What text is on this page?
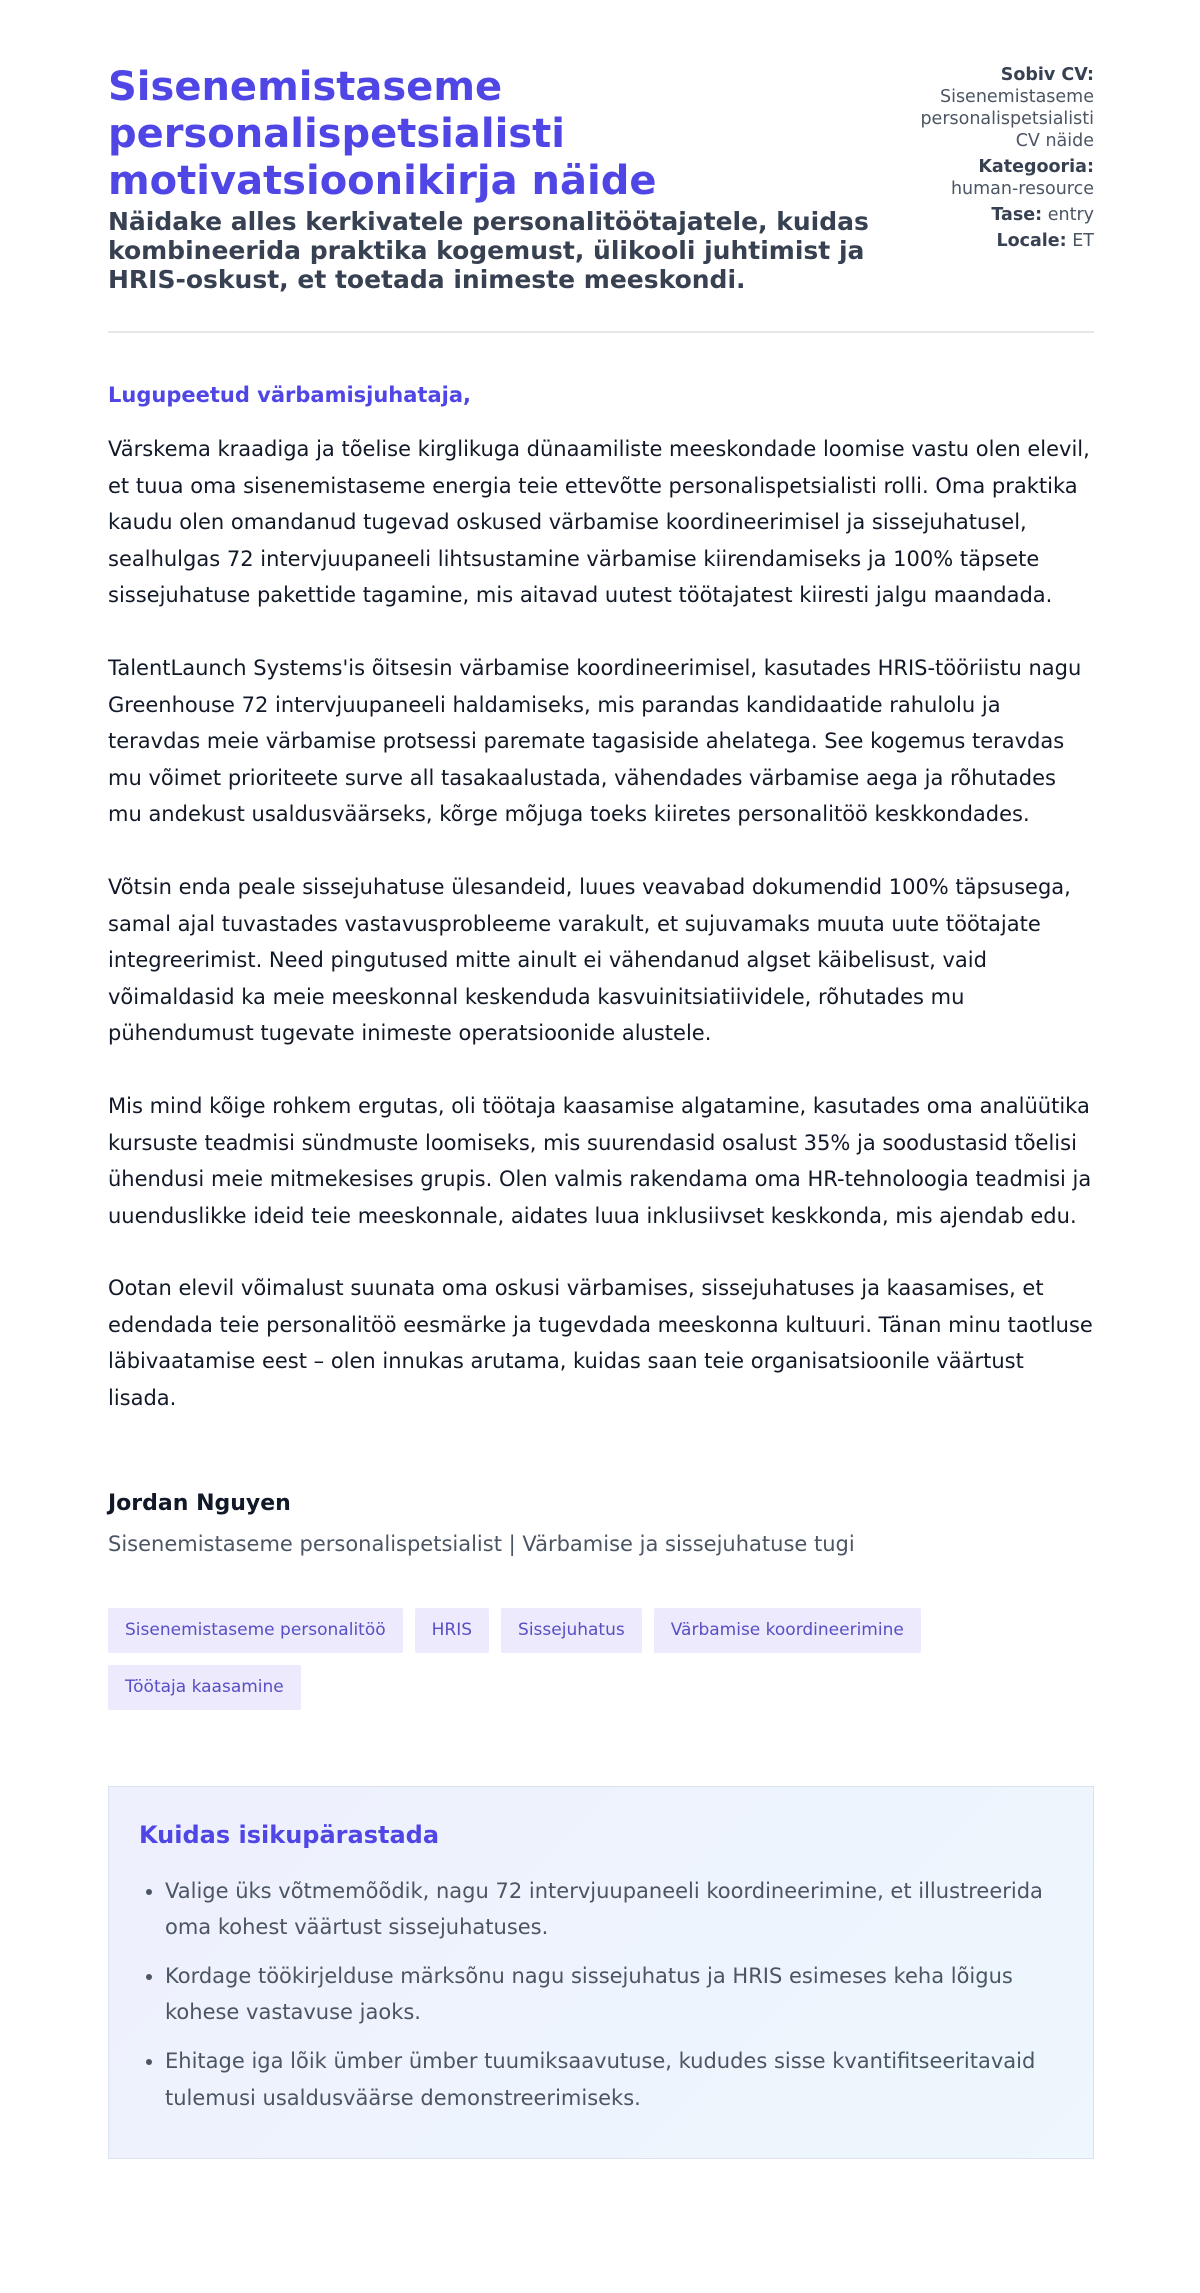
Sisenemistaseme personalispetsialisti motivatsioonikirja näide
Näidake alles kerkivatele personalitöötajatele, kuidas kombineerida praktika kogemust, ülikooli juhtimist ja HRIS-oskust, et toetada inimeste meeskondi.
Sobiv CV:
Sisenemistaseme personalispetsialisti CV näide
Kategooria:
human-resource
Tase: entry
Locale: ET
Lugupeetud värbamisjuhataja,

Värskema kraadiga ja tõelise kirglikuga dünaamiliste meeskondade loomise vastu olen elevil, et tuua oma sisenemistaseme energia teie ettevõtte personalispetsialisti rolli. Oma praktika kaudu olen omandanud tugevad oskused värbamise koordineerimisel ja sissejuhatusel, sealhulgas 72 intervjuupaneeli lihtsustamine värbamise kiirendamiseks ja 100% täpsete sissejuhatuse pakettide tagamine, mis aitavad uutest töötajatest kiiresti jalgu maandada.

TalentLaunch Systems'is õitsesin värbamise koordineerimisel, kasutades HRIS-tööriistu nagu Greenhouse 72 intervjuupaneeli haldamiseks, mis parandas kandidaatide rahulolu ja teravdas meie värbamise protsessi paremate tagasiside ahelatega. See kogemus teravdas mu võimet prioriteete surve all tasakaalustada, vähendades värbamise aega ja rõhutades mu andekust usaldusväärseks, kõrge mõjuga toeks kiiretes personalitöö keskkondades.

Võtsin enda peale sissejuhatuse ülesandeid, luues veavabad dokumendid 100% täpsusega, samal ajal tuvastades vastavusprobleeme varakult, et sujuvamaks muuta uute töötajate integreerimist. Need pingutused mitte ainult ei vähendanud algset käibelisust, vaid võimaldasid ka meie meeskonnal keskenduda kasvuinitsiatiividele, rõhutades mu pühendumust tugevate inimeste operatsioonide alustele.

Mis mind kõige rohkem ergutas, oli töötaja kaasamise algatamine, kasutades oma analüütika kursuste teadmisi sündmuste loomiseks, mis suurendasid osalust 35% ja soodustasid tõelisi ühendusi meie mitmekesises grupis. Olen valmis rakendama oma HR-tehnoloogia teadmisi ja uuenduslikke ideid teie meeskonnale, aidates luua inklusiivset keskkonda, mis ajendab edu.

Ootan elevil võimalust suunata oma oskusi värbamises, sissejuhatuses ja kaasamises, et edendada teie personalitöö eesmärke ja tugevdada meeskonna kultuuri. Tänan minu taotluse läbivaatamise eest – olen innukas arutama, kuidas saan teie organisatsioonile väärtust lisada.

Jordan Nguyen
Sisenemistaseme personalispetsialist | Värbamise ja sissejuhatuse tugi
Sisenemistaseme personalitöö	HRIS	Sissejuhatus	Värbamise koordineerimine
Töötaja kaasamine
Kuidas isikupärastada
• Valige üks võtmemõõdik, nagu 72 intervjuupaneeli koordineerimine, et illustreerida oma kohest väärtust sissejuhatuses.
• Kordage töökirjelduse märksõnu nagu sissejuhatus ja HRIS esimeses keha lõigus kohese vastavuse jaoks.
• Ehitage iga lõik ümber ümber tuumiksaavutuse, kududes sisse kvantifitseeritavaid tulemusi usaldusväärse demonstreerimiseks.
